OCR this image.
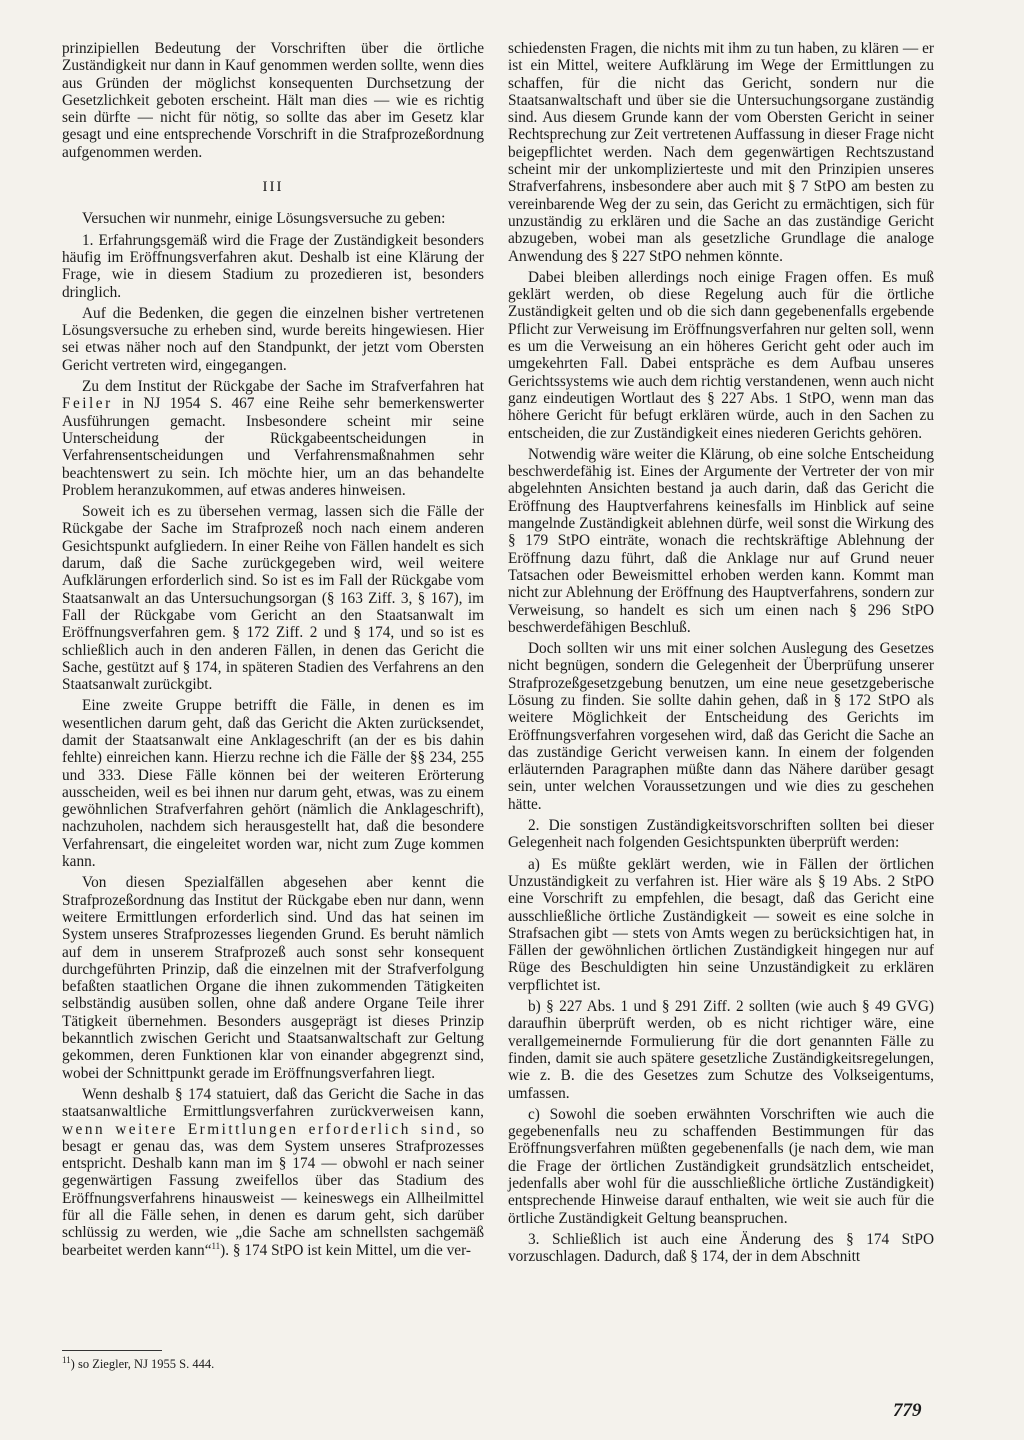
prinzipiellen Bedeutung der Vorschriften über die örtliche Zuständigkeit nur dann in Kauf genommen werden sollte, wenn dies aus Gründen der möglichst konsequenten Durchsetzung der Gesetzlichkeit geboten erscheint. Hält man dies — wie es richtig sein dürfte — nicht für nötig, so sollte das aber im Gesetz klar gesagt und eine entsprechende Vorschrift in die Strafprozeßordnung aufgenommen werden.

III

Versuchen wir nunmehr, einige Lösungsversuche zu geben:

1. Erfahrungsgemäß wird die Frage der Zuständigkeit besonders häufig im Eröffnungsverfahren akut. Deshalb ist eine Klärung der Frage, wie in diesem Stadium zu prozedieren ist, besonders dringlich.

Auf die Bedenken, die gegen die einzelnen bisher vertretenen Lösungsversuche zu erheben sind, wurde bereits hingewiesen. Hier sei etwas näher noch auf den Standpunkt, der jetzt vom Obersten Gericht vertreten wird, eingegangen.

Zu dem Institut der Rückgabe der Sache im Strafverfahren hat Feiler in NJ 1954 S. 467 eine Reihe sehr bemerkenswerter Ausführungen gemacht. Insbesondere scheint mir seine Unterscheidung der Rückgabeentscheidungen in Verfahrensentscheidungen und Verfahrensmaßnahmen sehr beachtenswert zu sein. Ich möchte hier, um an das behandelte Problem heranzukommen, auf etwas anderes hinweisen.

Soweit ich es zu übersehen vermag, lassen sich die Fälle der Rückgabe der Sache im Strafprozeß noch nach einem anderen Gesichtspunkt aufgliedern. In einer Reihe von Fällen handelt es sich darum, daß die Sache zurückgegeben wird, weil weitere Aufklärungen erforderlich sind. So ist es im Fall der Rückgabe vom Staatsanwalt an das Untersuchungsorgan (§ 163 Ziff. 3, § 167), im Fall der Rückgabe vom Gericht an den Staatsanwalt im Eröffnungsverfahren gem. § 172 Ziff. 2 und § 174, und so ist es schließlich auch in den anderen Fällen, in denen das Gericht die Sache, gestützt auf § 174, in späteren Stadien des Verfahrens an den Staatsanwalt zurückgibt.

Eine zweite Gruppe betrifft die Fälle, in denen es im wesentlichen darum geht, daß das Gericht die Akten zurücksendet, damit der Staatsanwalt eine Anklageschrift (an der es bis dahin fehlte) einreichen kann. Hierzu rechne ich die Fälle der §§ 234, 255 und 333. Diese Fälle können bei der weiteren Erörterung ausscheiden, weil es bei ihnen nur darum geht, etwas, was zu einem gewöhnlichen Strafverfahren gehört (nämlich die Anklageschrift), nachzuholen, nachdem sich herausgestellt hat, daß die besondere Verfahrensart, die eingeleitet worden war, nicht zum Zuge kommen kann.

Von diesen Spezialfällen abgesehen aber kennt die Strafprozeßordnung das Institut der Rückgabe eben nur dann, wenn weitere Ermittlungen erforderlich sind. Und das hat seinen im System unseres Strafprozesses liegenden Grund. Es beruht nämlich auf dem in unserem Strafprozeß auch sonst sehr konsequent durchgeführten Prinzip, daß die einzelnen mit der Strafverfolgung befaßten staatlichen Organe die ihnen zukommenden Tätigkeiten selbständig ausüben sollen, ohne daß andere Organe Teile ihrer Tätigkeit übernehmen. Besonders ausgeprägt ist dieses Prinzip bekanntlich zwischen Gericht und Staatsanwaltschaft zur Geltung gekommen, deren Funktionen klar von einander abgegrenzt sind, wobei der Schnittpunkt gerade im Eröffnungsverfahren liegt.

Wenn deshalb § 174 statuiert, daß das Gericht die Sache in das staatsanwaltliche Ermittlungsverfahren zurückverweisen kann, wenn weitere Ermittlungen erforderlich sind, so besagt er genau das, was dem System unseres Strafprozesses entspricht. Deshalb kann man im § 174 — obwohl er nach seiner gegenwärtigen Fassung zweifellos über das Stadium des Eröffnungsverfahrens hinausweist — keineswegs ein Allheilmittel für all die Fälle sehen, in denen es darum geht, sich darüber schlüssig zu werden, wie „die Sache am schnellsten sachgemäß bearbeitet werden kann“$^{11}$). § 174 StPO ist kein Mittel, um die ver-

$^{11}$) so Ziegler, NJ 1955 S. 444.

schiedensten Fragen, die nichts mit ihm zu tun haben, zu klären — er ist ein Mittel, weitere Aufklärung im Wege der Ermittlungen zu schaffen, für die nicht das Gericht, sondern nur die Staatsanwaltschaft und über sie die Untersuchungsorgane zuständig sind. Aus diesem Grunde kann der vom Obersten Gericht in seiner Rechtsprechung zur Zeit vertretenen Auffassung in dieser Frage nicht beigepflichtet werden. Nach dem gegenwärtigen Rechtszustand scheint mir der unkomplizierteste und mit den Prinzipien unseres Strafverfahrens, insbesondere aber auch mit § 7 StPO am besten zu vereinbarende Weg der zu sein, das Gericht zu ermächtigen, sich für unzuständig zu erklären und die Sache an das zuständige Gericht abzugeben, wobei man als gesetzliche Grundlage die analoge Anwendung des § 227 StPO nehmen könnte.

Dabei bleiben allerdings noch einige Fragen offen. Es muß geklärt werden, ob diese Regelung auch für die örtliche Zuständigkeit gelten und ob die sich dann gegebenenfalls ergebende Pflicht zur Verweisung im Eröffnungsverfahren nur gelten soll, wenn es um die Verweisung an ein höheres Gericht geht oder auch im umgekehrten Fall. Dabei entspräche es dem Aufbau unseres Gerichtssystems wie auch dem richtig verstandenen, wenn auch nicht ganz eindeutigen Wortlaut des § 227 Abs. 1 StPO, wenn man das höhere Gericht für befugt erklären würde, auch in den Sachen zu entscheiden, die zur Zuständigkeit eines niederen Gerichts gehören.

Notwendig wäre weiter die Klärung, ob eine solche Entscheidung beschwerdefähig ist. Eines der Argumente der Vertreter der von mir abgelehnten Ansichten bestand ja auch darin, daß das Gericht die Eröffnung des Hauptverfahrens keinesfalls im Hinblick auf seine mangelnde Zuständigkeit ablehnen dürfe, weil sonst die Wirkung des § 179 StPO einträte, wonach die rechtskräftige Ablehnung der Eröffnung dazu führt, daß die Anklage nur auf Grund neuer Tatsachen oder Beweismittel erhoben werden kann. Kommt man nicht zur Ablehnung der Eröffnung des Hauptverfahrens, sondern zur Verweisung, so handelt es sich um einen nach § 296 StPO beschwerdefähigen Beschluß.

Doch sollten wir uns mit einer solchen Auslegung des Gesetzes nicht begnügen, sondern die Gelegenheit der Überprüfung unserer Strafprozeßgesetzgebung benutzen, um eine neue gesetzgeberische Lösung zu finden. Sie sollte dahin gehen, daß in § 172 StPO als weitere Möglichkeit der Entscheidung des Gerichts im Eröffnungsverfahren vorgesehen wird, daß das Gericht die Sache an das zuständige Gericht verweisen kann. In einem der folgenden erläuternden Paragraphen müßte dann das Nähere darüber gesagt sein, unter welchen Voraussetzungen und wie dies zu geschehen hätte.

2. Die sonstigen Zuständigkeitsvorschriften sollten bei dieser Gelegenheit nach folgenden Gesichtspunkten überprüft werden:

a) Es müßte geklärt werden, wie in Fällen der örtlichen Unzuständigkeit zu verfahren ist. Hier wäre als § 19 Abs. 2 StPO eine Vorschrift zu empfehlen, die besagt, daß das Gericht eine ausschließliche örtliche Zuständigkeit — soweit es eine solche in Strafsachen gibt — stets von Amts wegen zu berücksichtigen hat, in Fällen der gewöhnlichen örtlichen Zuständigkeit hingegen nur auf Rüge des Beschuldigten hin seine Unzuständigkeit zu erklären verpflichtet ist.

b) § 227 Abs. 1 und § 291 Ziff. 2 sollten (wie auch § 49 GVG) daraufhin überprüft werden, ob es nicht richtiger wäre, eine verallgemeinernde Formulierung für die dort genannten Fälle zu finden, damit sie auch spätere gesetzliche Zuständigkeitsregelungen, wie z. B. die des Gesetzes zum Schutze des Volkseigentums, umfassen.

c) Sowohl die soeben erwähnten Vorschriften wie auch die gegebenenfalls neu zu schaffenden Bestimmungen für das Eröffnungsverfahren müßten gegebenenfalls (je nach dem, wie man die Frage der örtlichen Zuständigkeit grundsätzlich entscheidet, jedenfalls aber wohl für die ausschließliche örtliche Zuständigkeit) entsprechende Hinweise darauf enthalten, wie weit sie auch für die örtliche Zuständigkeit Geltung beanspruchen.

3. Schließlich ist auch eine Änderung des § 174 StPO vorzuschlagen. Dadurch, daß § 174, der in dem Abschnitt

779
